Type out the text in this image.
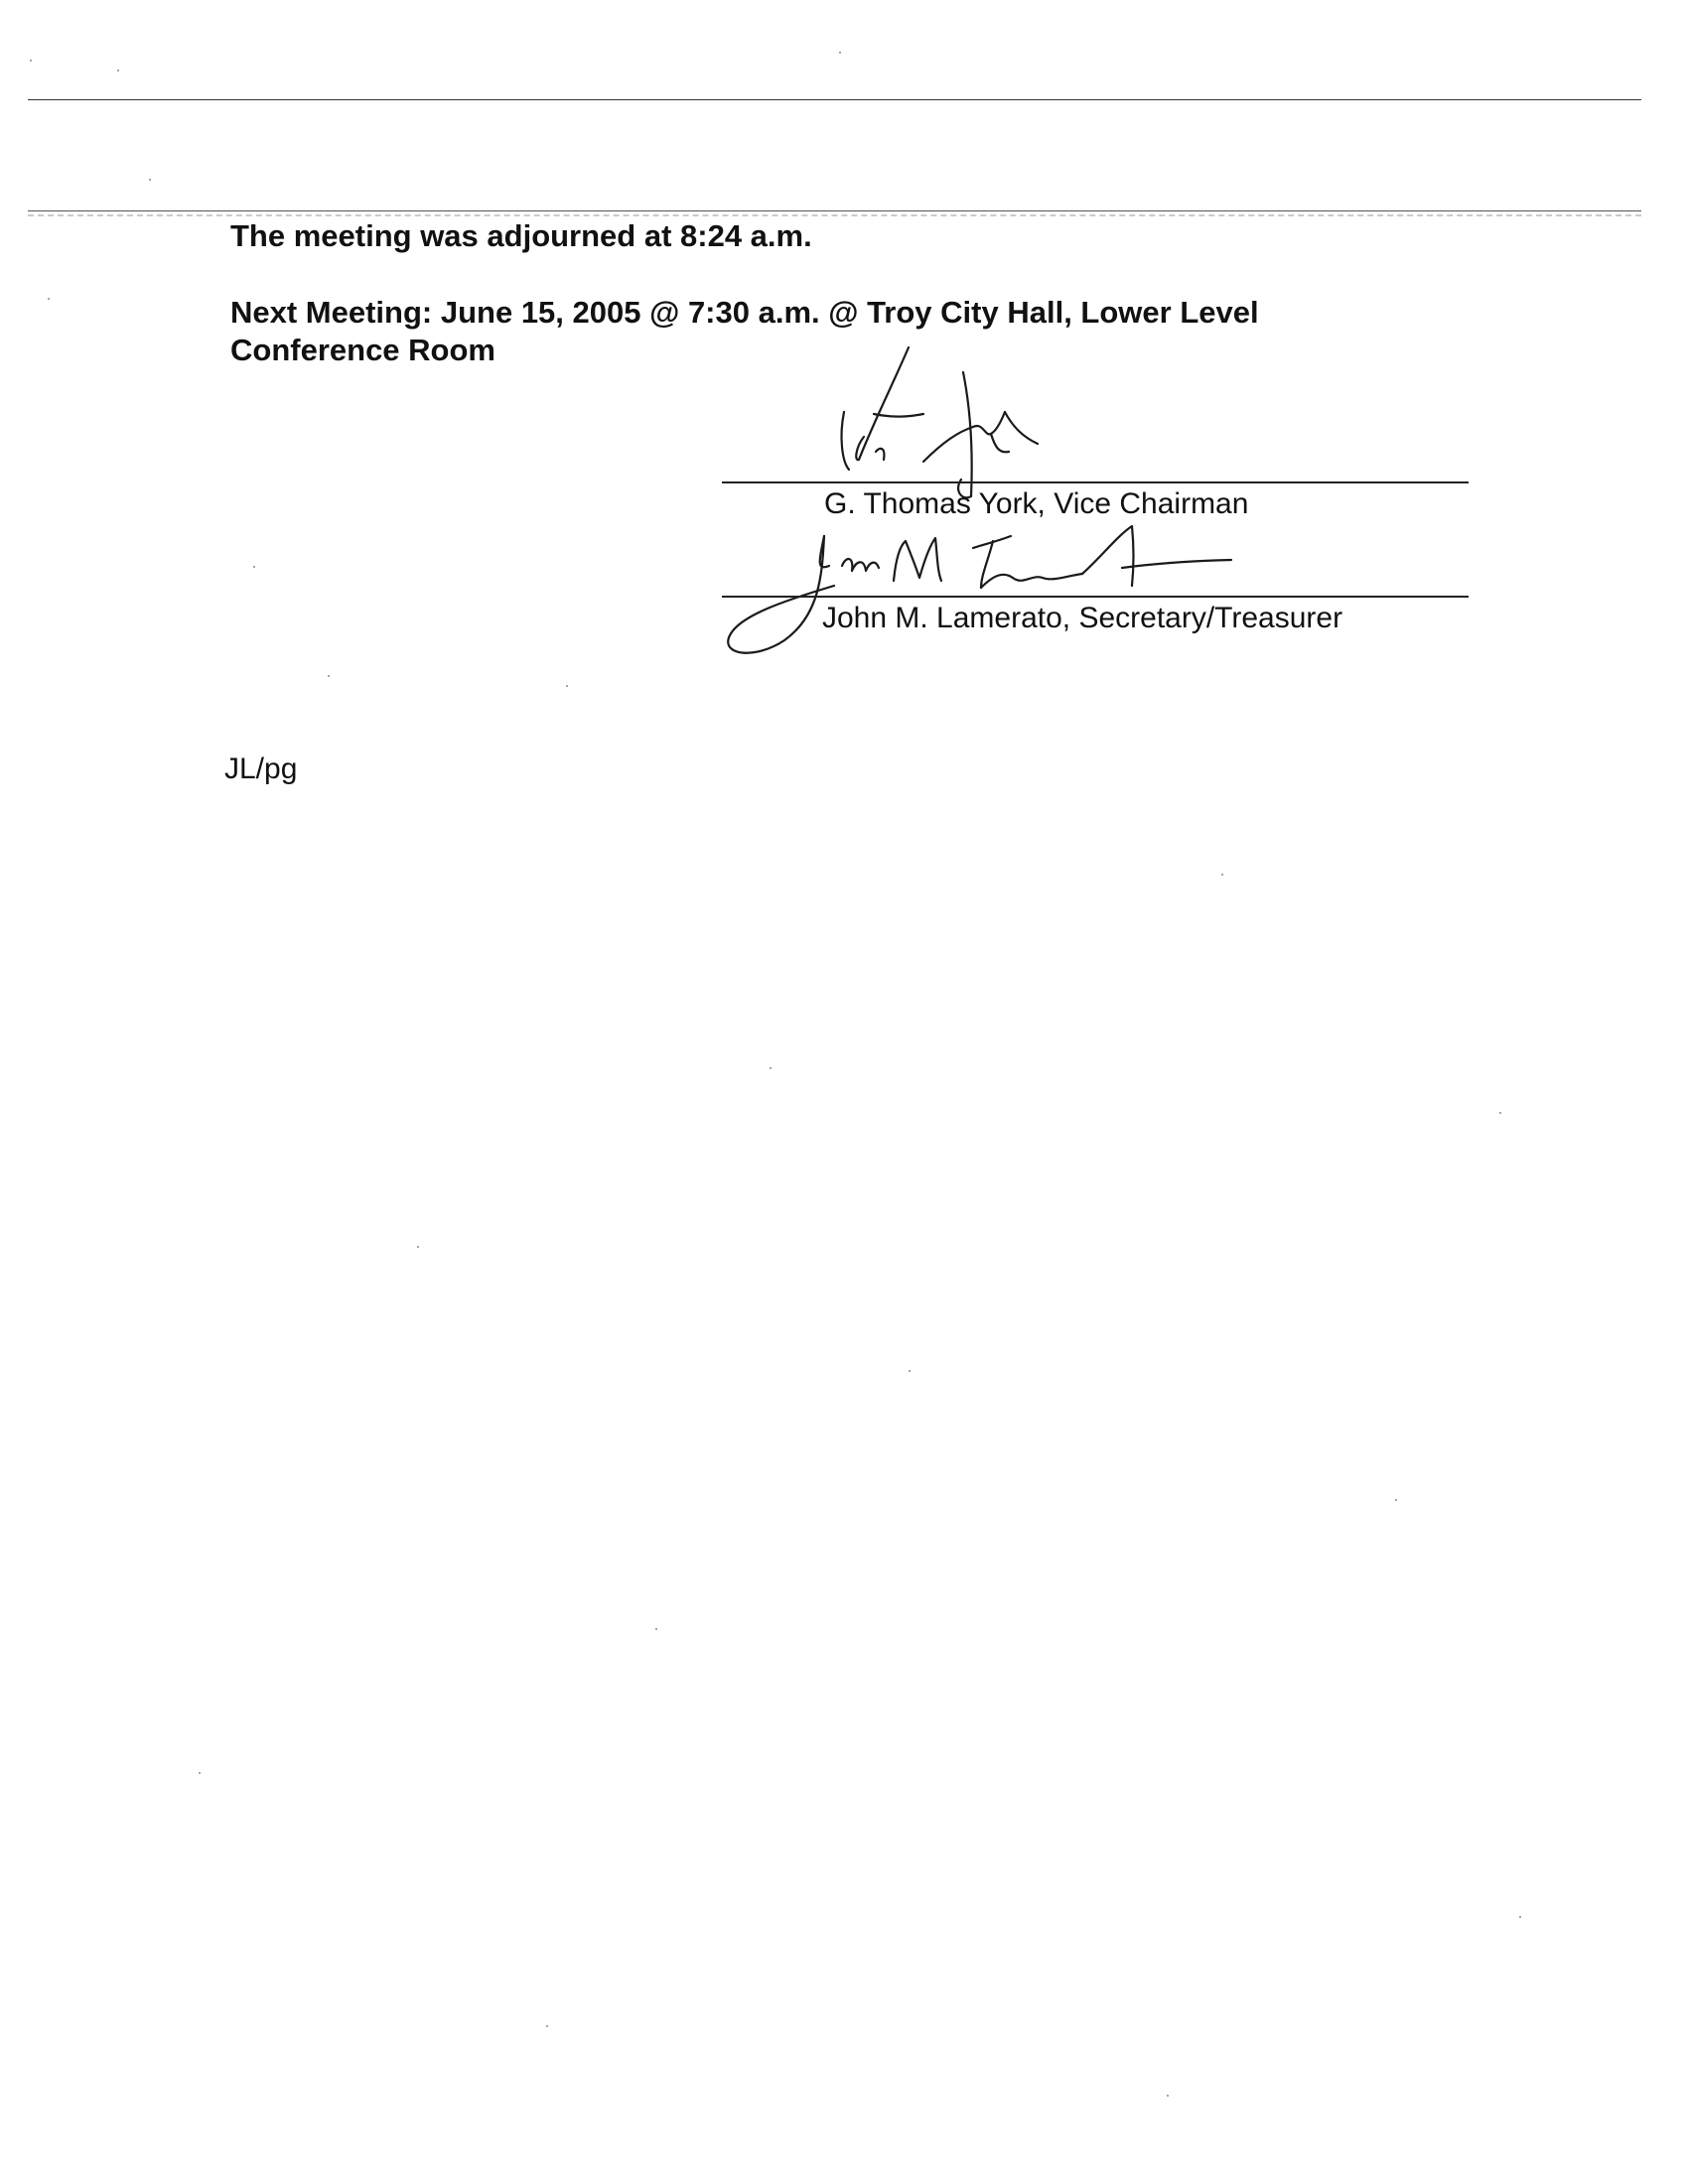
The meeting was adjourned at 8:24 a.m.
Next Meeting: June 15, 2005 @ 7:30 a.m. @ Troy City Hall, Lower Level
Conference Room
G. Thomas York, Vice Chairman
John M. Lamerato, Secretary/Treasurer
JL/pg
